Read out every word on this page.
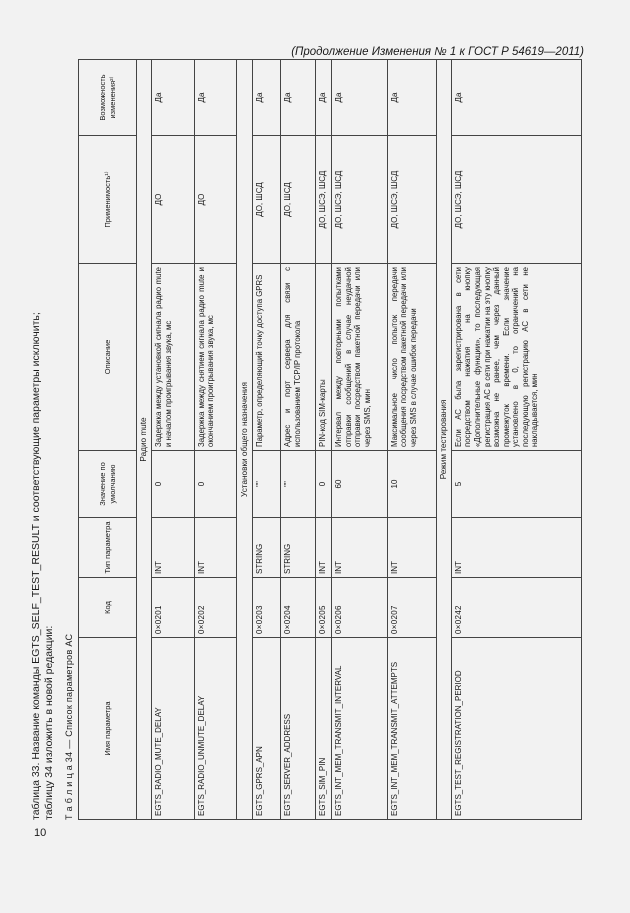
(Продолжение Изменения № 1 к ГОСТ Р 54619—2011)
10
таблица 33. Название команды EGTS_SELF_TEST_RESULT и соответствующие параметры исключить; таблицу 34 изложить в новой редакции: Т а б л и ц а 34 — Список параметров АС	Имя параметра	Код	Тип параметра	Значение по умолчанию	Описание	Применимость¹⁾	Возможность изменения²⁾
Радио mute						
EGTS_RADIO_MUTE_DELAY	0×0201	INT	0	Задержка между установкой сигнала радио mute и началом проигрывания звука, мс	ДО	Да
EGTS_RADIO_UNMUTE_DELAY	0×0202	INT	0	Задержка между снятием сигнала радио mute и окончанием проигрывания звука, мс	ДО	Да
Установки общего назначения						
EGTS_GPRS_APN	0×0203	STRING	""	Параметр, определяющий точку доступа GPRS	ДО, ШСД	Да
EGTS_SERVER_ADDRESS	0×0204	STRING	""	Адрес и порт сервера для связи с использованием TCP/IP протокола	ДО, ШСД	Да
EGTS_SIM_PIN	0×0205	INT	0	PIN-код SIM-карты	ДО, ШСЭ, ШСД	Да
EGTS_INT_MEM_TRANSMIT_INTERVAL	0×0206	INT	60	Интервал между повторными попытками отправки сообщений в случае неудачной отправки посредством пакетной передачи или через SMS, мин	ДО, ШСЭ, ШСД	Да
EGTS_INT_MEM_TRANSMIT_ATTEMPTS	0×0207	INT	10	Максимальное число попыток передачи сообщения посредством пакетной передачи или через SMS в случае ошибок передачи	ДО, ШСЭ, ШСД	Да
Режим тестирования						
EGTS_TEST_REGISTRATION_PERIOD	0×0242	INT	5	Если АС была зарегистрирована в сети посредством нажатия на кнопку «Дополнительные функции», то последующая регистрация АС в сети при нажатии на эту кнопку возможна не ранее, чем через данный промежуток времени. Если значение установлено в 0, то ограничений на последующую регистрацию АС в сети не накладывается, мин	ДО, ШСЭ, ШСД	Да
